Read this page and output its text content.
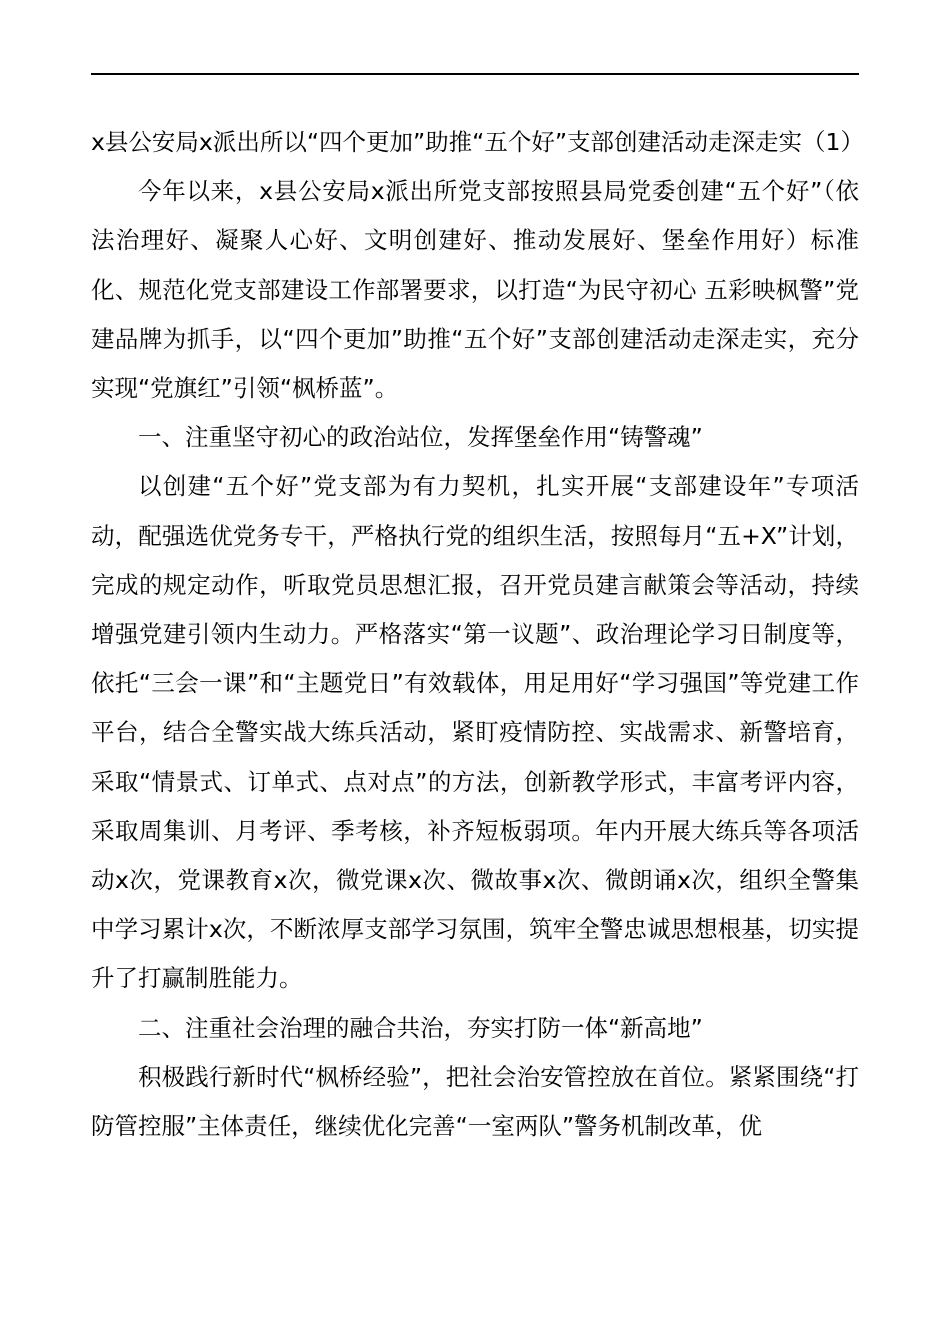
x县公安局x派出所以“四个更加”助推“五个好”支部创建活动走深走实（1）

今年以来，x县公安局x派出所党支部按照县局党委创建“五个好”（依法治理好、凝聚人心好、文明创建好、推动发展好、堡垒作用好）标准化、规范化党支部建设工作部署要求，以打造“为民守初心 五彩映枫警”党建品牌为抓手，以“四个更加”助推“五个好”支部创建活动走深走实，充分实现“党旗红”引领“枫桥蓝”。

一、注重坚守初心的政治站位，发挥堡垒作用“铸警魂”

以创建“五个好”党支部为有力契机，扎实开展“支部建设年”专项活动，配强选优党务专干，严格执行党的组织生活，按照每月“五+X”计划，完成的规定动作，听取党员思想汇报，召开党员建言献策会等活动，持续增强党建引领内生动力。严格落实“第一议题”、政治理论学习日制度等，依托“三会一课”和“主题党日”有效载体，用足用好“学习强国”等党建工作平台，结合全警实战大练兵活动，紧盯疫情防控、实战需求、新警培育，采取“情景式、订单式、点对点”的方法，创新教学形式，丰富考评内容，采取周集训、月考评、季考核，补齐短板弱项。年内开展大练兵等各项活动x次，党课教育x次，微党课x次、微故事x次、微朗诵x次，组织全警集中学习累计x次，不断浓厚支部学习氛围，筑牢全警忠诚思想根基，切实提升了打赢制胜能力。

二、注重社会治理的融合共治，夯实打防一体“新高地”

积极践行新时代“枫桥经验”，把社会治安管控放在首位。紧紧围绕“打防管控服”主体责任，继续优化完善“一室两队”警务机制改革，优
